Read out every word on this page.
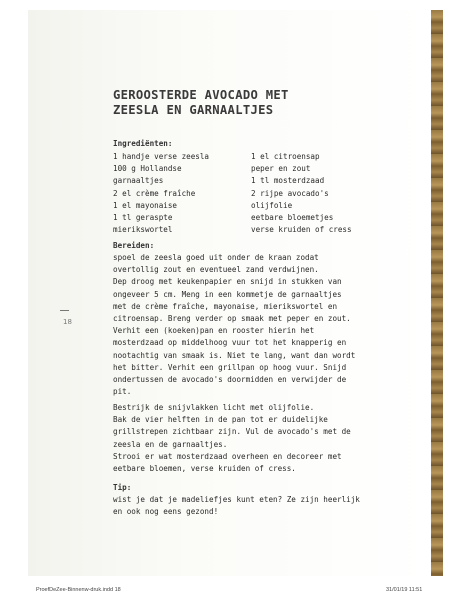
GEROOSTERDE AVOCADO MET
ZEESLA EN GARNAALTJES
Ingrediënten:
1 handje verse zeesla
100 g Hollandse
garnaaltjes
2 el crème fraîche
1 el mayonaise
1 tl geraspte
mierikswortel
1 el citroensap
peper en zout
1 tl mosterdzaad
2 rijpe avocado's
olijfolie
eetbare bloemetjes
verse kruiden of cress
Bereiden:
spoel de zeesla goed uit onder de kraan zodat
overtollig zout en eventueel zand verdwijnen.
Dep droog met keukenpapier en snijd in stukken van
ongeveer 5 cm. Meng in een kommetje de garnaaltjes
met de crème fraîche, mayonaise, mierikswortel en
citroensap. Breng verder op smaak met peper en zout.
Verhit een (koeken)pan en rooster hierin het
mosterdzaad op middelhoog vuur tot het knapperig en
nootachtig van smaak is. Niet te lang, want dan wordt
het bitter. Verhit een grillpan op hoog vuur. Snijd
ondertussen de avocado's doormidden en verwijder de
pit.
Bestrijk de snijvlakken licht met olijfolie.
Bak de vier helften in de pan tot er duidelijke
grillstrepen zichtbaar zijn. Vul de avocado's met de
zeesla en de garnaaltjes.
Strooi er wat mosterdzaad overheen en decoreer met
eetbare bloemen, verse kruiden of cress.
Tip:
wist je dat je madeliefjes kunt eten? Ze zijn heerlijk
en ook nog eens gezond!
18
ProefDeZee-Binnenw-druk.indd 18	31/01/19 11:51
